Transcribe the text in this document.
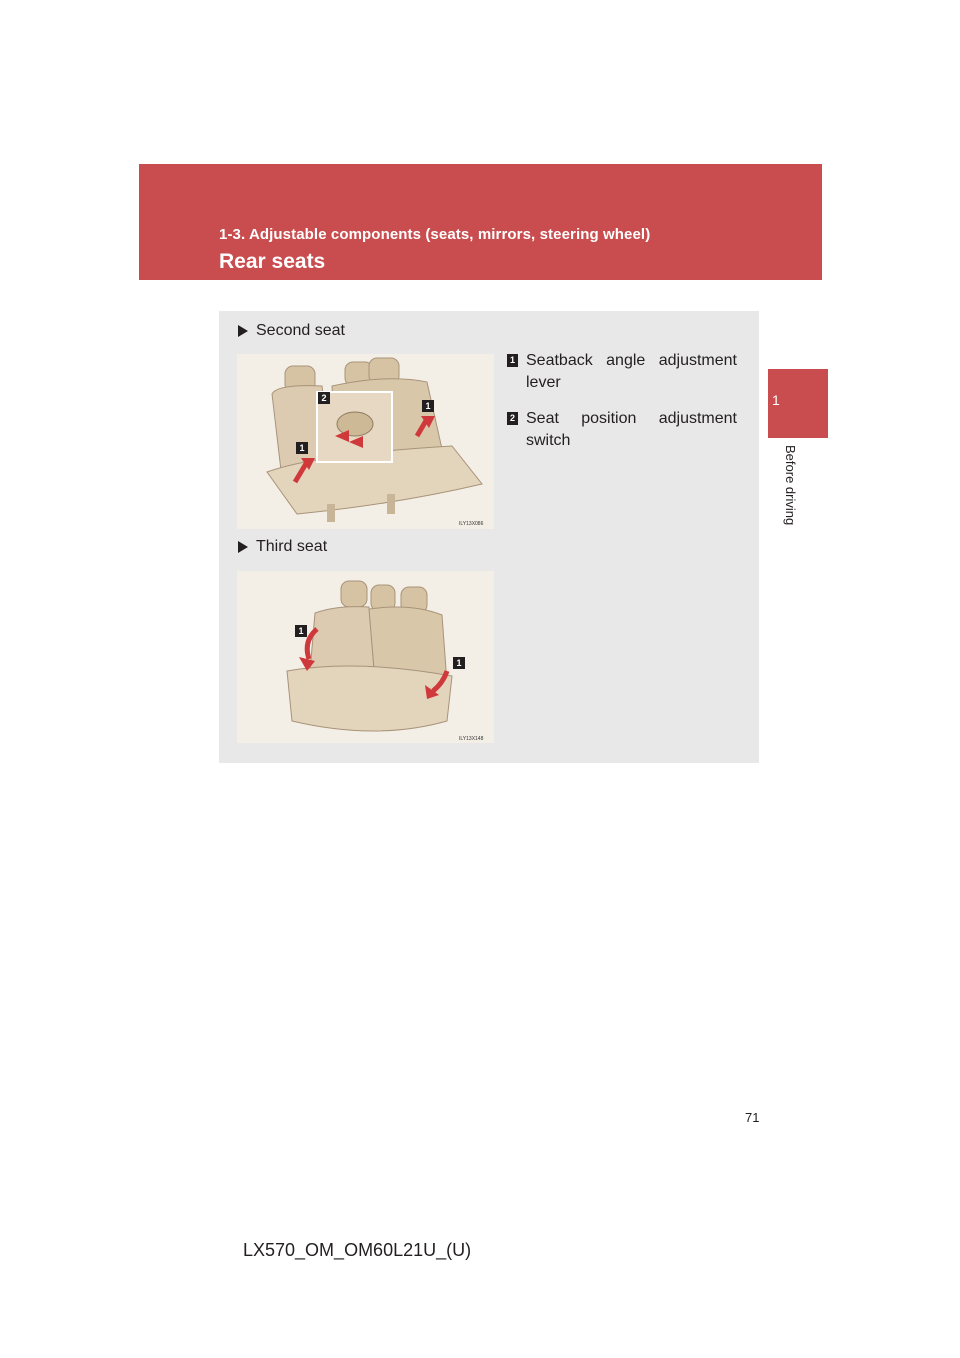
1-3. Adjustable components (seats, mirrors, steering wheel)
Rear seats
1
Before driving
Second seat
2
1
1
ILY13X086
1 Seatback angle adjustment lever
2 Seat position adjustment switch
Third seat
1
1
ILY13X148
71
LX570_OM_OM60L21U_(U)
